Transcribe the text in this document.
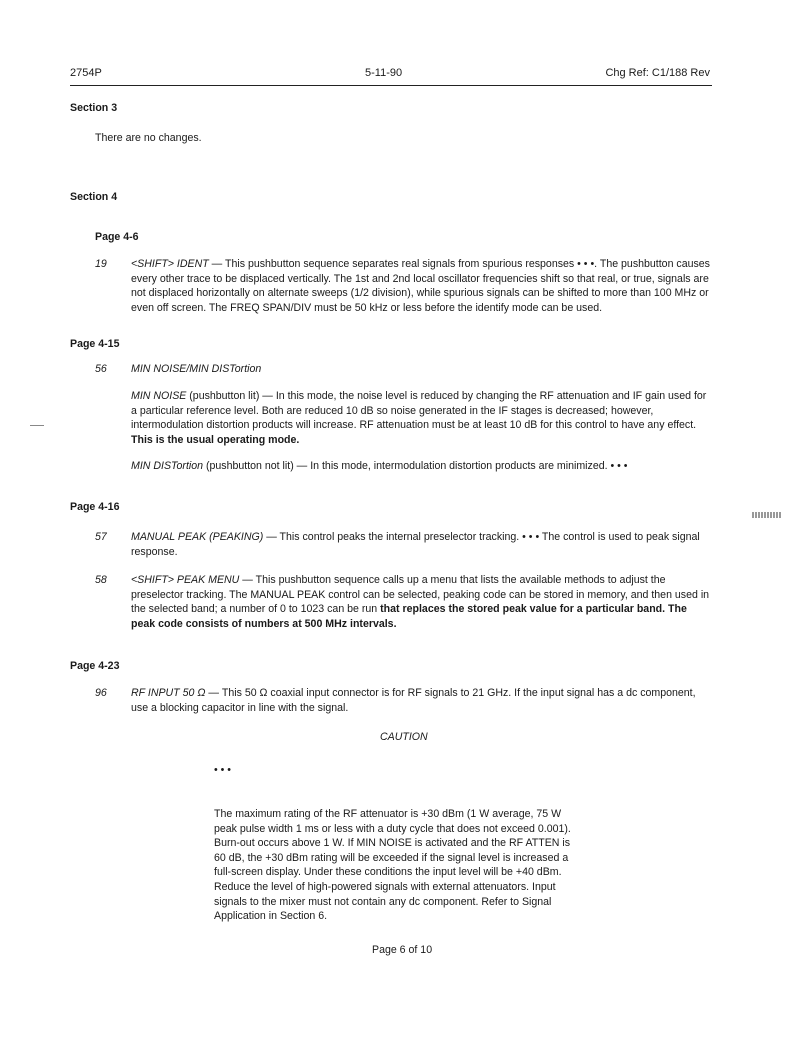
2754P	5-11-90	Chg Ref: C1/188 Rev
Section 3
There are no changes.
Section 4
Page 4-6
19 <SHIFT> IDENT — This pushbutton sequence separates real signals from spurious responses • • •. The pushbutton causes every other trace to be displaced vertically. The 1st and 2nd local oscillator frequencies shift so that real, or true, signals are not displaced horizontally on alternate sweeps (1/2 division), while spurious signals can be shifted to more than 100 MHz or even off screen. The FREQ SPAN/DIV must be 50 kHz or less before the identify mode can be used.

Page 4-15
56 MIN NOISE/MIN DISTortion

MIN NOISE (pushbutton lit) — In this mode, the noise level is reduced by changing the RF attenuation and IF gain used for a particular reference level. Both are reduced 10 dB so noise generated in the IF stages is decreased; however, intermodulation distortion products will increase. RF attenuation must be at least 10 dB for this control to have any effect. This is the usual operating mode.

MIN DISTortion (pushbutton not lit) — In this mode, intermodulation distortion products are minimized. • • •

Page 4-16
57 MANUAL PEAK (PEAKING) — This control peaks the internal preselector tracking. • • • The control is used to peak signal response.

58 <SHIFT> PEAK MENU — This pushbutton sequence calls up a menu that lists the available methods to adjust the preselector tracking. The MANUAL PEAK control can be selected, peaking code can be stored in memory, and then used in the selected band; a number of 0 to 1023 can be run that replaces the stored peak value for a particular band. The peak code consists of numbers at 500 MHz intervals.

Page 4-23
96 RF INPUT 50 Ω — This 50 Ω coaxial input connector is for RF signals to 21 GHz. If the input signal has a dc component, use a blocking capacitor in line with the signal.

CAUTION
• • •

The maximum rating of the RF attenuator is +30 dBm (1 W average, 75 W peak pulse width 1 ms or less with a duty cycle that does not exceed 0.001). Burn-out occurs above 1 W. If MIN NOISE is activated and the RF ATTEN is 60 dB, the +30 dBm rating will be exceeded if the signal level is increased a full-screen display. Under these conditions the input level will be +40 dBm. Reduce the level of high-powered signals with external attenuators. Input signals to the mixer must not contain any dc component. Refer to Signal Application in Section 6.

Page 6 of 10
